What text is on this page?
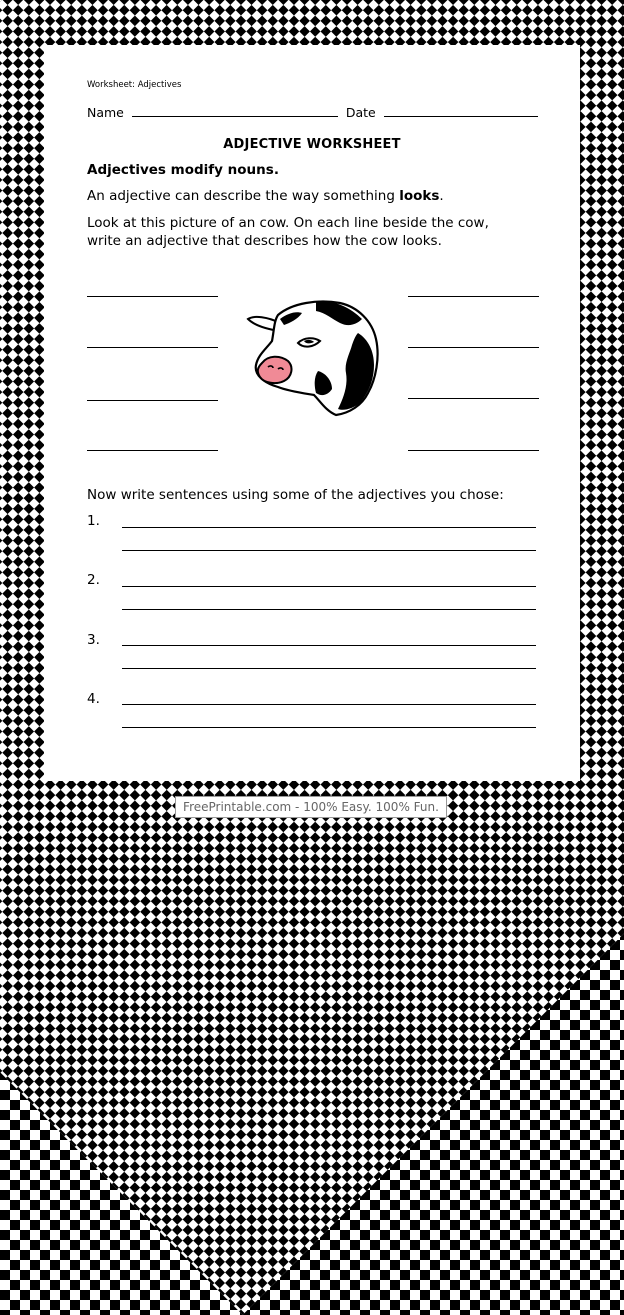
Worksheet: Adjectives
Name	Date
ADJECTIVE WORKSHEET
Adjectives modify nouns.
An adjective can describe the way something looks.
Look at this picture of an cow. On each line beside the cow,
write an adjective that describes how the cow looks.
Now write sentences using some of the adjectives you chose:
1.
2.
3.
4.
FreePrintable.com - 100% Easy. 100% Fun.
